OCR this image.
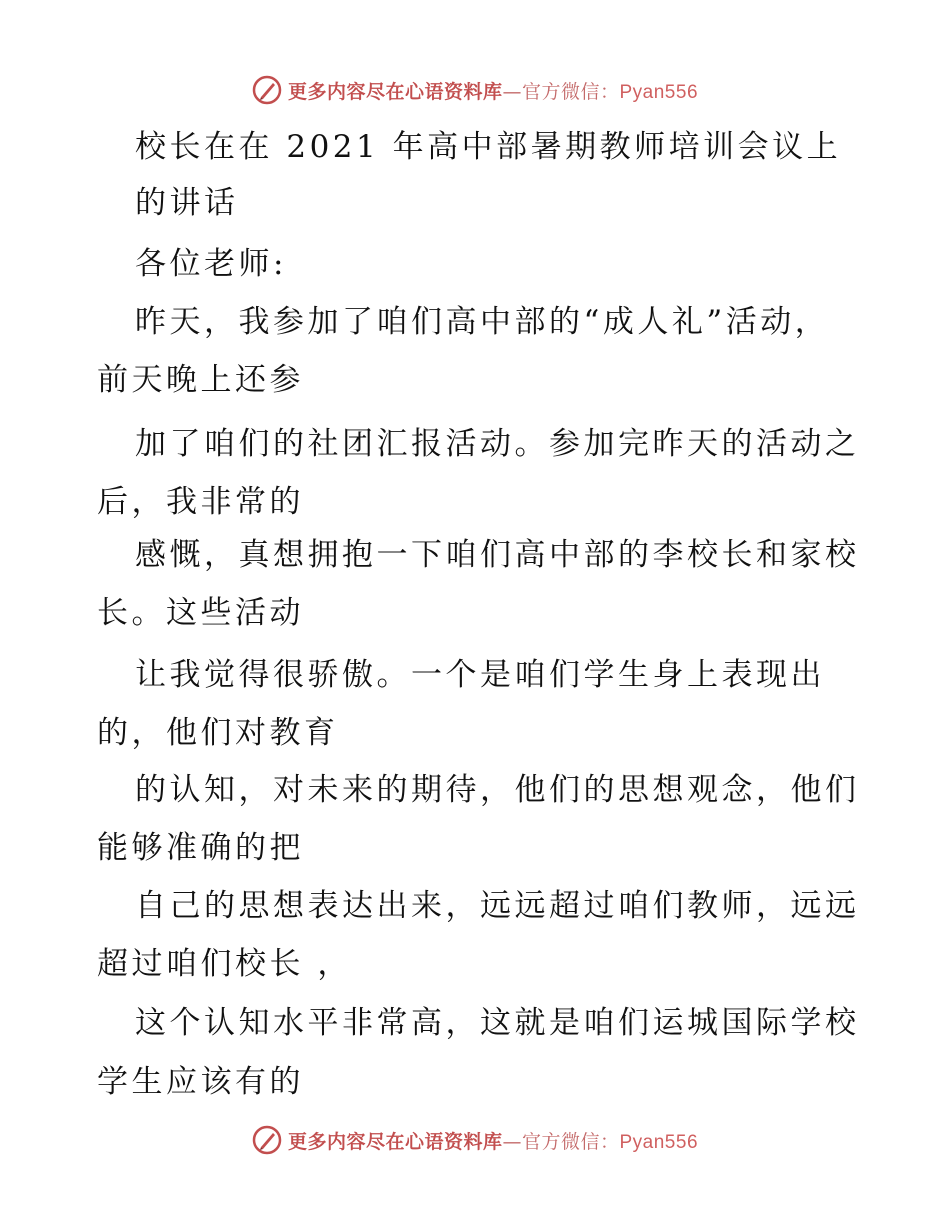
更多内容尽在心语资料库—官方微信：Pyan556
校长在在 2021 年高中部暑期教师培训会议上
的讲话
各位老师:
昨天，我参加了咱们高中部的“成人礼”活动，
前天晚上还参
加了咱们的社团汇报活动。参加完昨天的活动之
后，我非常的
感慨，真想拥抱一下咱们高中部的李校长和家校
长。这些活动
让我觉得很骄傲。一个是咱们学生身上表现出
的，他们对教育
的认知，对未来的期待，他们的思想观念，他们
能够准确的把
自己的思想表达出来，远远超过咱们教师，远远
超过咱们校长 ，
这个认知水平非常高，这就是咱们运城国际学校
学生应该有的
更多内容尽在心语资料库—官方微信：Pyan556
